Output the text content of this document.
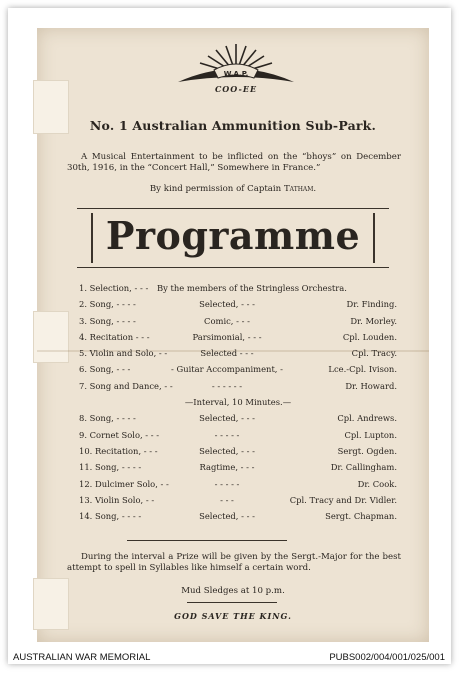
W.A.P.
COO-EE
No. 1 Australian Ammunition Sub-Park.
A Musical Entertainment to be inflicted on the “bhoys” on December 30th, 1916, in the “Concert Hall,” Somewhere in France.”
By kind permission of Captain Tatham.
Programme
1. Selection, - - - By the members of the Stringless Orchestra.
2. Song, - - - -	Selected, - - -	Dr. Finding.
3. Song, - - - -	Comic, - - -	Dr. Morley.
4. Recitation - - -	Parsimonial, - - -	Cpl. Louden.
5. Violin and Solo, - -	Selected - - -	Cpl. Tracy.
6. Song, - - -	- Guitar Accompaniment, -	Lce.-Cpl. Ivison.
7. Song and Dance, - -	- - - - - -	Dr. Howard.
—Interval, 10 Minutes.—
8. Song, - - - -	Selected, - - -	Cpl. Andrews.
9. Cornet Solo, - - -	- - - - -	Cpl. Lupton.
10. Recitation, - - -	Selected, - - -	Sergt. Ogden.
11. Song, - - - -	Ragtime, - - -	Dr. Callingham.
12. Dulcimer Solo, - -	- - - - -	Dr. Cook.
13. Violin Solo, - -	- - -	Cpl. Tracy and Dr. Vidler.
14. Song, - - - -	Selected, - - -	Sergt. Chapman.
During the interval a Prize will be given by the Sergt.-Major for the best attempt to spell in Syllables like himself a certain word.
Mud Sledges at 10 p.m.
GOD SAVE THE KING.
AUSTRALIAN WAR MEMORIAL	PUBS002/004/001/025/001
